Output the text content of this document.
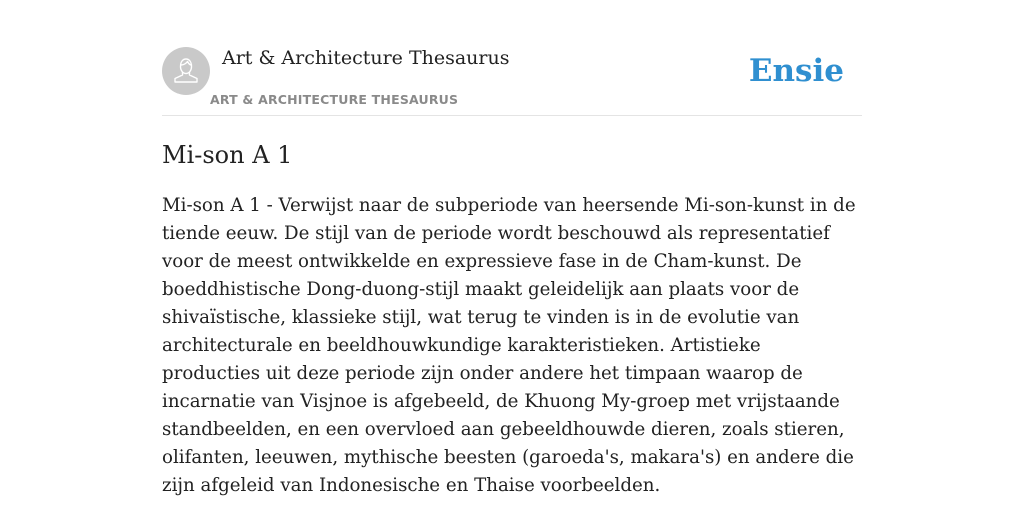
Art & Architecture Thesaurus
ART & ARCHITECTURE THESAURUS
Ensie
Mi-son A 1

Mi-son A 1 - Verwijst naar de subperiode van heersende Mi-son-kunst in de tiende eeuw. De stijl van de periode wordt beschouwd als representatief voor de meest ontwikkelde en expressieve fase in de Cham-kunst. De boeddhistische Dong-duong-stijl maakt geleidelijk aan plaats voor de shivaïstische, klassieke stijl, wat terug te vinden is in de evolutie van architecturale en beeldhouwkundige karakteristieken. Artistieke producties uit deze periode zijn onder andere het timpaan waarop de incarnatie van Visjnoe is afgebeeld, de Khuong My-groep met vrijstaande standbeelden, en een overvloed aan gebeeldhouwde dieren, zoals stieren, olifanten, leeuwen, mythische beesten (garoeda's, makara's) en andere die zijn afgeleid van Indonesische en Thaise voorbeelden.
